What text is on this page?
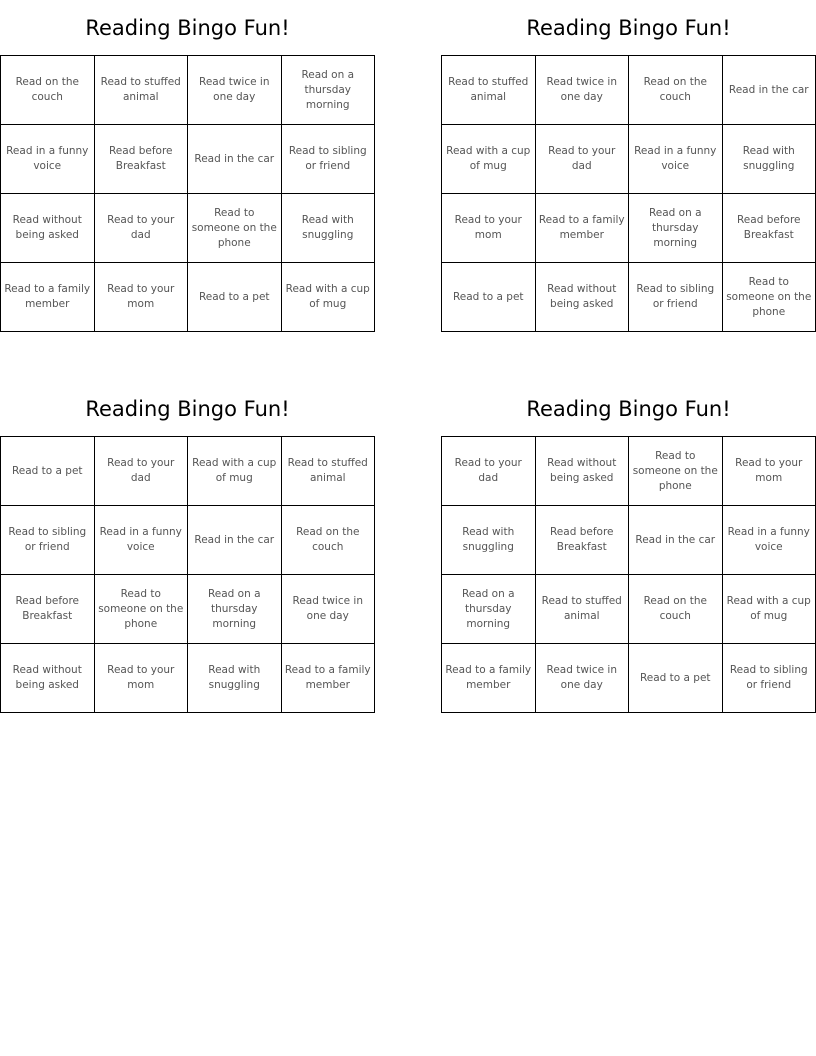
Reading Bingo Fun!
Read on the couch
Read to stuffed animal
Read twice in one day
Read on a thursday morning
Read in a funny voice
Read before Breakfast
Read in the car
Read to sibling or friend
Read without being asked
Read to your dad
Read to someone on the phone
Read with snuggling
Read to a family member
Read to your mom
Read to a pet
Read with a cup of mug
Reading Bingo Fun!
Read to stuffed animal
Read twice in one day
Read on the couch
Read in the car
Read with a cup of mug
Read to your dad
Read in a funny voice
Read with snuggling
Read to your mom
Read to a family member
Read on a thursday morning
Read before Breakfast
Read to a pet
Read without being asked
Read to sibling or friend
Read to someone on the phone
Reading Bingo Fun!
Read to a pet
Read to your dad
Read with a cup of mug
Read to stuffed animal
Read to sibling or friend
Read in a funny voice
Read in the car
Read on the couch
Read before Breakfast
Read to someone on the phone
Read on a thursday morning
Read twice in one day
Read without being asked
Read to your mom
Read with snuggling
Read to a family member
Reading Bingo Fun!
Read to your dad
Read without being asked
Read to someone on the phone
Read to your mom
Read with snuggling
Read before Breakfast
Read in the car
Read in a funny voice
Read on a thursday morning
Read to stuffed animal
Read on the couch
Read with a cup of mug
Read to a family member
Read twice in one day
Read to a pet
Read to sibling or friend
